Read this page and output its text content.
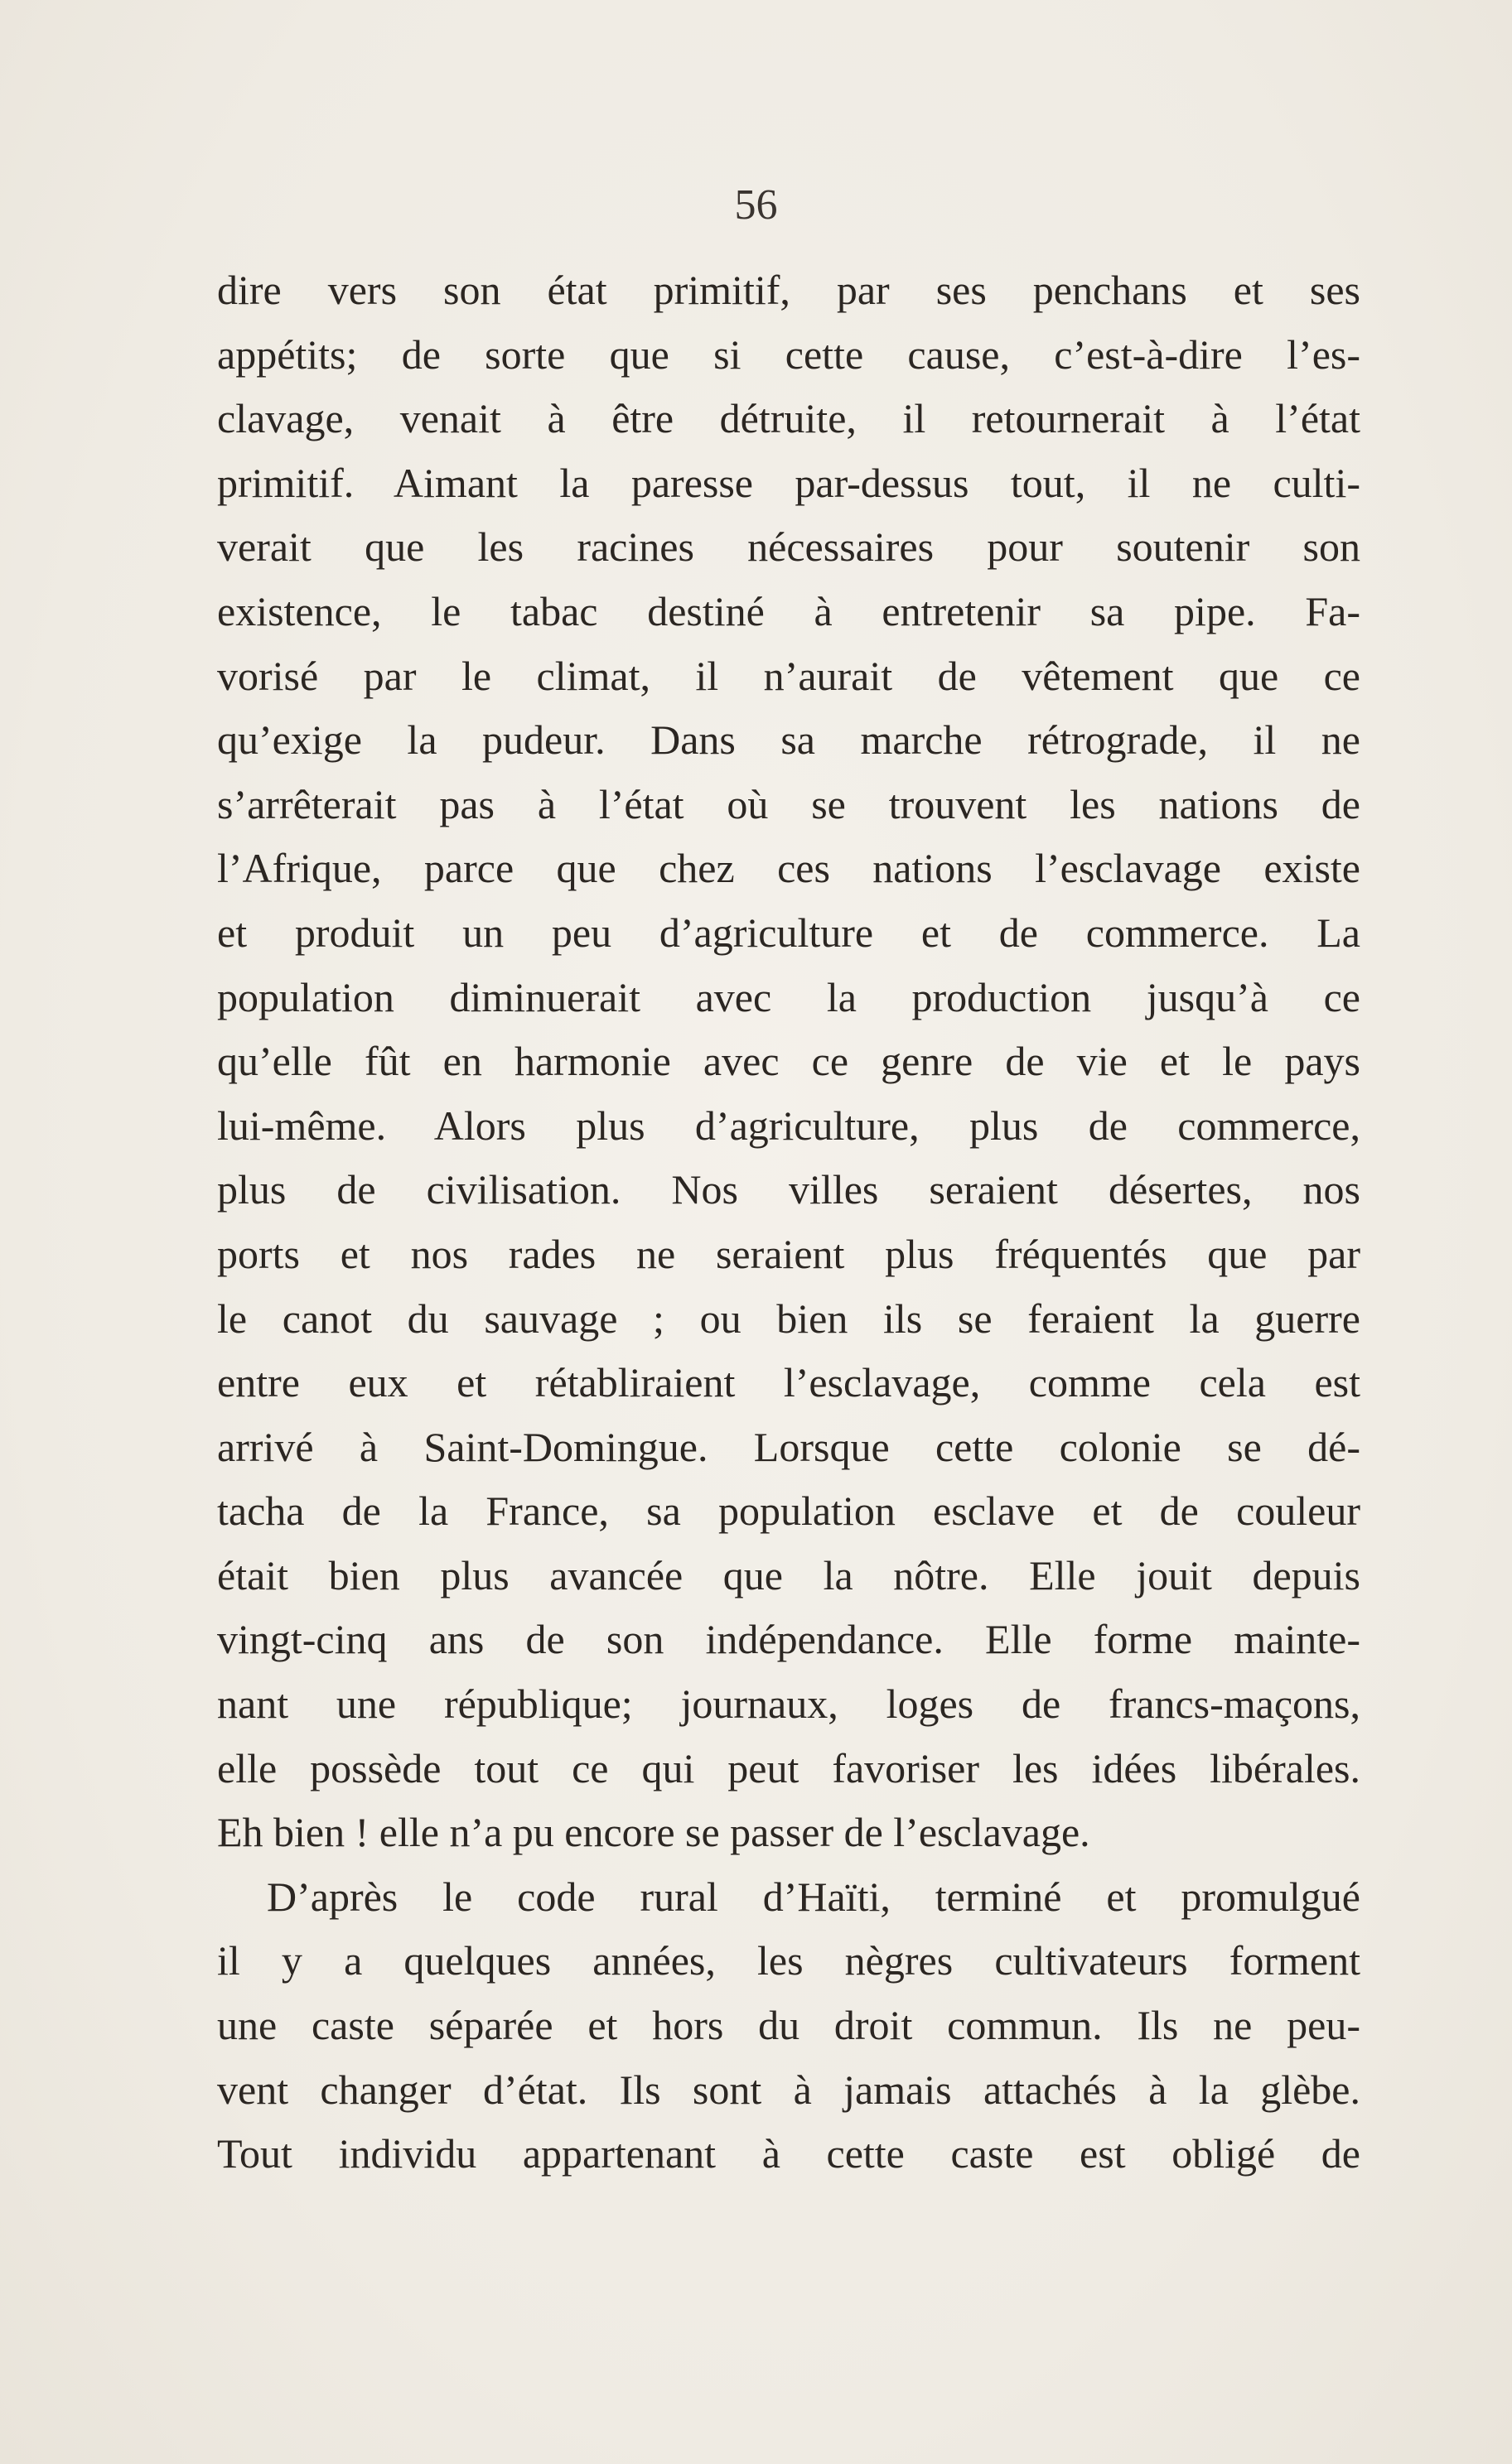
56
dire vers son état primitif, par ses penchans et ses
appétits; de sorte que si cette cause, c’est-à-dire l’es-
clavage, venait à être détruite, il retournerait à l’état
primitif. Aimant la paresse par-dessus tout, il ne culti-
verait que les racines nécessaires pour soutenir son
existence, le tabac destiné à entretenir sa pipe. Fa-
vorisé par le climat, il n’aurait de vêtement que ce
qu’exige la pudeur. Dans sa marche rétrograde, il ne
s’arrêterait pas à l’état où se trouvent les nations de
l’Afrique, parce que chez ces nations l’esclavage existe
et produit un peu d’agriculture et de commerce. La
population diminuerait avec la production jusqu’à ce
qu’elle fût en harmonie avec ce genre de vie et le pays
lui-même. Alors plus d’agriculture, plus de commerce,
plus de civilisation. Nos villes seraient désertes, nos
ports et nos rades ne seraient plus fréquentés que par
le canot du sauvage ; ou bien ils se feraient la guerre
entre eux et rétabliraient l’esclavage, comme cela est
arrivé à Saint-Domingue. Lorsque cette colonie se dé-
tacha de la France, sa population esclave et de couleur
était bien plus avancée que la nôtre. Elle jouit depuis
vingt-cinq ans de son indépendance. Elle forme mainte-
nant une république; journaux, loges de francs-maçons,
elle possède tout ce qui peut favoriser les idées libérales.
Eh bien ! elle n’a pu encore se passer de l’esclavage.
D’après le code rural d’Haïti, terminé et promulgué
il y a quelques années, les nègres cultivateurs forment
une caste séparée et hors du droit commun. Ils ne peu-
vent changer d’état. Ils sont à jamais attachés à la glèbe.
Tout individu appartenant à cette caste est obligé de
